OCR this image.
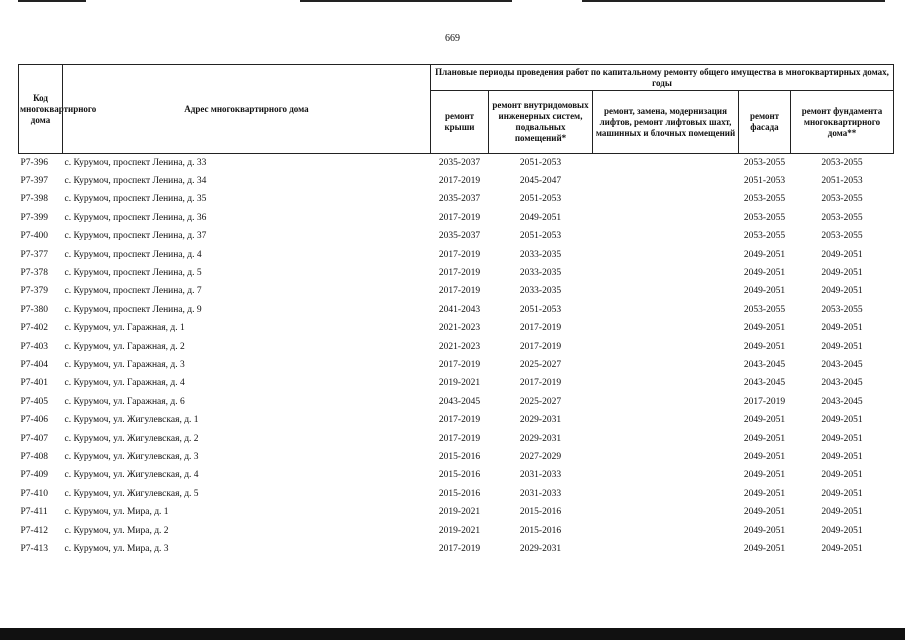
669
Код многоквартирного дома	Адрес многоквартирного дома	Плановые периоды проведения работ по капитальному ремонту общего имущества в многоквартирных домах, годы				
		ремонт крыши	ремонт внутридомовых инженерных систем, подвальных помещений*	ремонт, замена, модернизация лифтов, ремонт лифтовых шахт, машинных и блочных помещений	ремонт фасада	ремонт фундамента многоквартирного дома**
Р7-396	с. Курумоч, проспект Ленина, д. 33	2035-2037	2051-2053		2053-2055	2053-2055
Р7-397	с. Курумоч, проспект Ленина, д. 34	2017-2019	2045-2047		2051-2053	2051-2053
Р7-398	с. Курумоч, проспект Ленина, д. 35	2035-2037	2051-2053		2053-2055	2053-2055
Р7-399	с. Курумоч, проспект Ленина, д. 36	2017-2019	2049-2051		2053-2055	2053-2055
Р7-400	с. Курумоч, проспект Ленина, д. 37	2035-2037	2051-2053		2053-2055	2053-2055
Р7-377	с. Курумоч, проспект Ленина, д. 4	2017-2019	2033-2035		2049-2051	2049-2051
Р7-378	с. Курумоч, проспект Ленина, д. 5	2017-2019	2033-2035		2049-2051	2049-2051
Р7-379	с. Курумоч, проспект Ленина, д. 7	2017-2019	2033-2035		2049-2051	2049-2051
Р7-380	с. Курумоч, проспект Ленина, д. 9	2041-2043	2051-2053		2053-2055	2053-2055
Р7-402	с. Курумоч, ул. Гаражная, д. 1	2021-2023	2017-2019		2049-2051	2049-2051
Р7-403	с. Курумоч, ул. Гаражная, д. 2	2021-2023	2017-2019		2049-2051	2049-2051
Р7-404	с. Курумоч, ул. Гаражная, д. 3	2017-2019	2025-2027		2043-2045	2043-2045
Р7-401	с. Курумоч, ул. Гаражная, д. 4	2019-2021	2017-2019		2043-2045	2043-2045
Р7-405	с. Курумоч, ул. Гаражная, д. 6	2043-2045	2025-2027		2017-2019	2043-2045
Р7-406	с. Курумоч, ул. Жигулевская, д. 1	2017-2019	2029-2031		2049-2051	2049-2051
Р7-407	с. Курумоч, ул. Жигулевская, д. 2	2017-2019	2029-2031		2049-2051	2049-2051
Р7-408	с. Курумоч, ул. Жигулевская, д. 3	2015-2016	2027-2029		2049-2051	2049-2051
Р7-409	с. Курумоч, ул. Жигулевская, д. 4	2015-2016	2031-2033		2049-2051	2049-2051
Р7-410	с. Курумоч, ул. Жигулевская, д. 5	2015-2016	2031-2033		2049-2051	2049-2051
Р7-411	с. Курумоч, ул. Мира, д. 1	2019-2021	2015-2016		2049-2051	2049-2051
Р7-412	с. Курумоч, ул. Мира, д. 2	2019-2021	2015-2016		2049-2051	2049-2051
Р7-413	с. Курумоч, ул. Мира, д. 3	2017-2019	2029-2031		2049-2051	2049-2051
